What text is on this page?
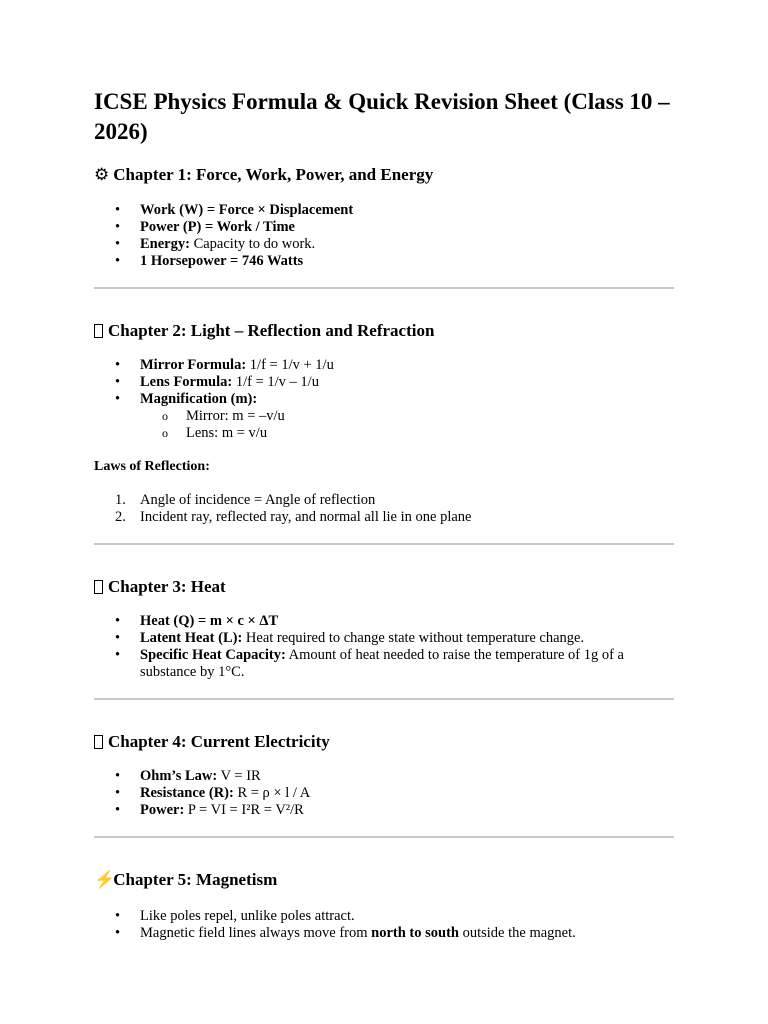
ICSE Physics Formula & Quick Revision Sheet (Class 10 – 2026)
⚙ Chapter 1: Force, Work, Power, and Energy
• Work (W) = Force × Displacement
• Power (P) = Work / Time
• Energy: Capacity to do work.
• 1 Horsepower = 746 Watts
Chapter 2: Light – Reflection and Refraction
• Mirror Formula: 1/f = 1/v + 1/u
• Lens Formula: 1/f = 1/v – 1/u
• Magnification (m):
o Mirror: m = –v/u
o Lens: m = v/u
Laws of Reflection:
1. Angle of incidence = Angle of reflection
2. Incident ray, reflected ray, and normal all lie in one plane
Chapter 3: Heat
• Heat (Q) = m × c × ΔT
• Latent Heat (L): Heat required to change state without temperature change.
• Specific Heat Capacity: Amount of heat needed to raise the temperature of 1g of a substance by 1°C.
Chapter 4: Current Electricity
• Ohm’s Law: V = IR
• Resistance (R): R = ρ × l / A
• Power: P = VI = I²R = V²/R
⚡ Chapter 5: Magnetism
• Like poles repel, unlike poles attract.
• Magnetic field lines always move from north to south outside the magnet.
